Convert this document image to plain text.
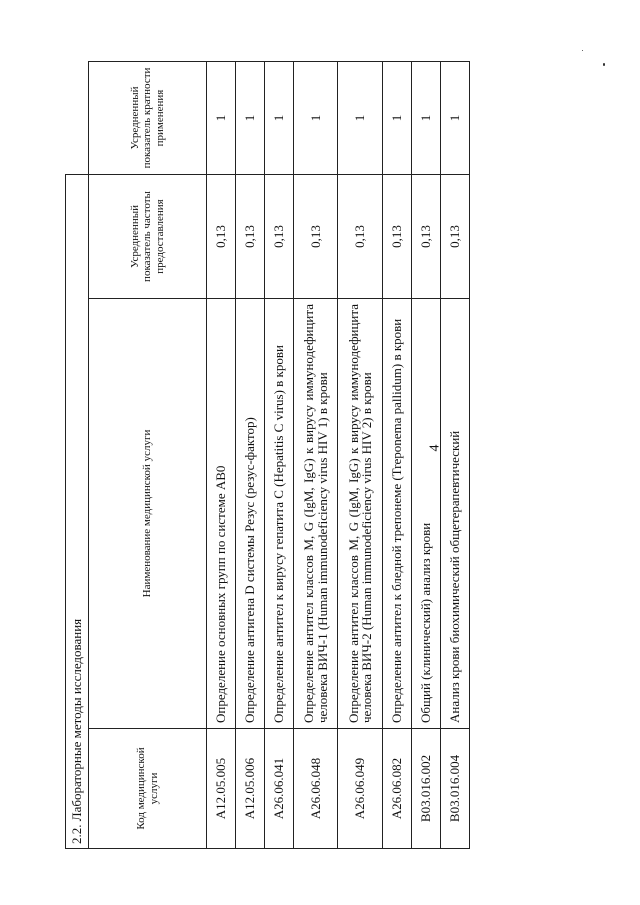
4
2.2. Лабораторные методы исследования			
Код медицинской услуги	Наименование медицинской услуги	Усредненный показатель частоты предоставления	Усредненный показатель кратности применения
A12.05.005	Определение основных групп по системе AB0	0,13	1
A12.05.006	Определение антигена D системы Резус (резус-фактор)	0,13	1
A26.06.041	Определение антител к вирусу гепатита C (Hepatitis C virus) в крови	0,13	1
A26.06.048	Определение антител классов M, G (IgM, IgG) к вирусу иммунодефицита человека ВИЧ-1 (Human immunodeficiency virus HIV 1) в крови	0,13	1
A26.06.049	Определение антител классов M, G (IgM, IgG) к вирусу иммунодефицита человека ВИЧ-2 (Human immunodeficiency virus HIV 2) в крови	0,13	1
A26.06.082	Определение антител к бледной трепонеме (Treponema pallidum) в крови	0,13	1
B03.016.002	Общий (клинический) анализ крови	0,13	1
B03.016.004	Анализ крови биохимический общетерапевтический	0,13	1
